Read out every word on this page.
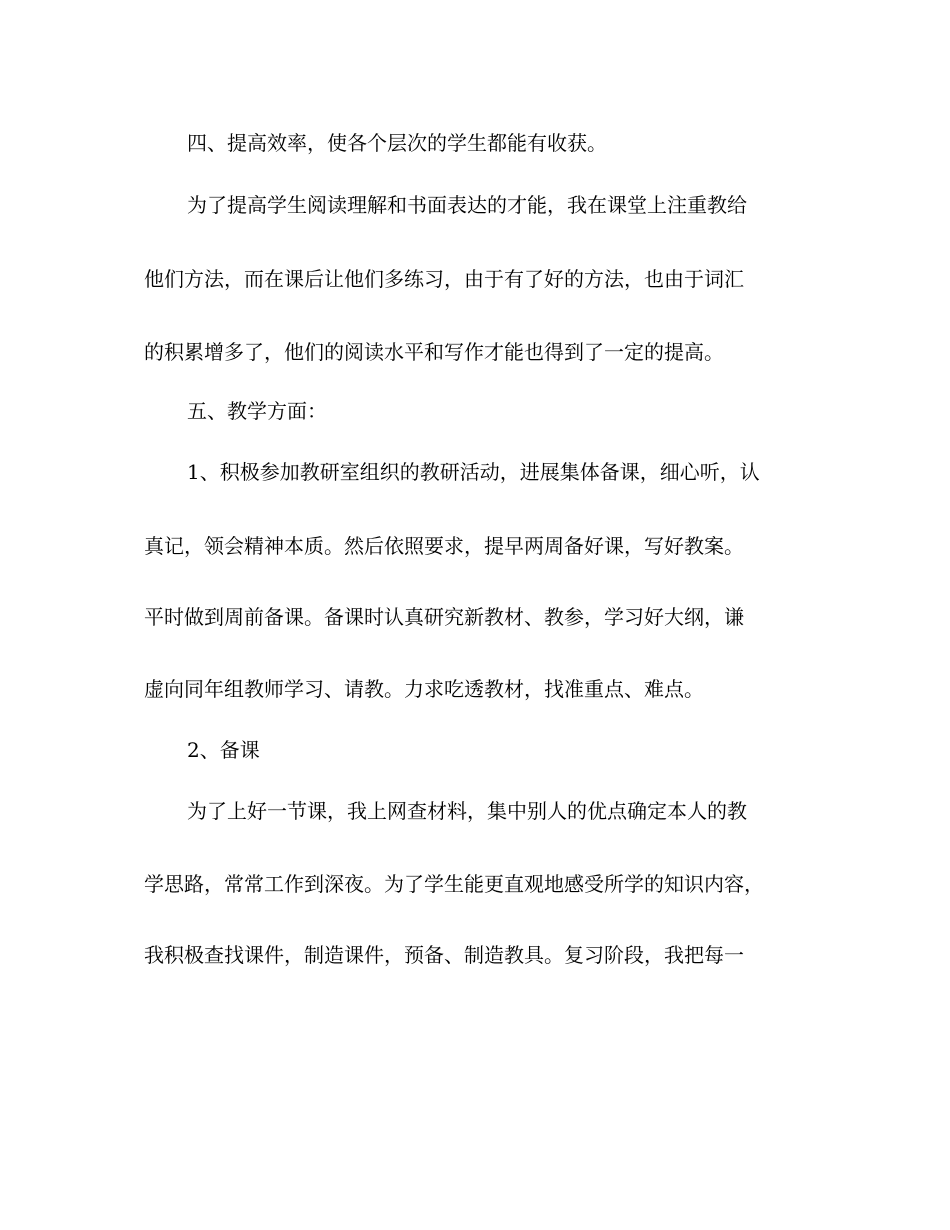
四、提高效率，使各个层次的学生都能有收获。
为了提高学生阅读理解和书面表达的才能，我在课堂上注重教给
他们方法，而在课后让他们多练习，由于有了好的方法，也由于词汇
的积累增多了，他们的阅读水平和写作才能也得到了一定的提高。
五、教学方面：
1、积极参加教研室组织的教研活动，进展集体备课，细心听，认
真记，领会精神本质。然后依照要求，提早两周备好课，写好教案。
平时做到周前备课。备课时认真研究新教材、教参，学习好大纲，谦
虚向同年组教师学习、请教。力求吃透教材，找准重点、难点。
2、备课
为了上好一节课，我上网查材料，集中别人的优点确定本人的教
学思路，常常工作到深夜。为了学生能更直观地感受所学的知识内容，
我积极查找课件，制造课件，预备、制造教具。复习阶段，我把每一
